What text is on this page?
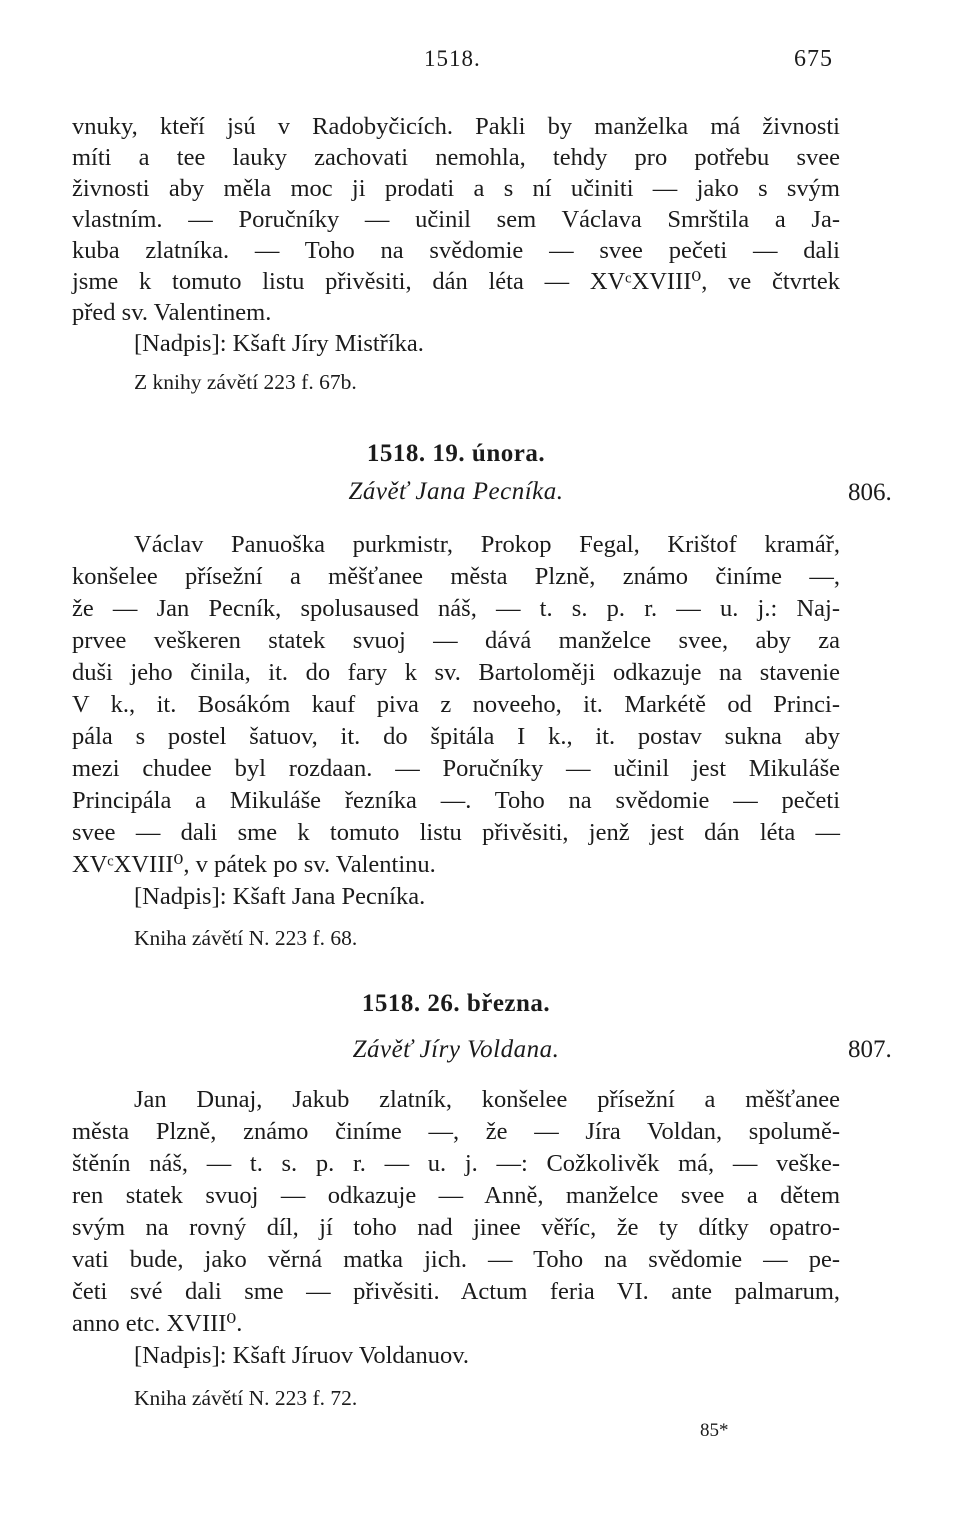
1518.	675

vnuky, kteří jsú v Radobyčicích. Pakli by manželka má živnosti

míti a tee lauky zachovati nemohla, tehdy pro potřebu svee

živnosti aby měla moc ji prodati a s ní učiniti — jako s svým

vlastním. — Poručníky — učinil sem Václava Smrštila a Ja-

kuba zlatníka. — Toho na svědomie — svee pečeti — dali

jsme k tomuto listu přivěsiti, dán léta — XVᶜXVIII⁰, ve čtvrtek

před sv. Valentinem.

[Nadpis]: Kšaft Jíry Mistříka.

Z knihy závětí 223 f. 67b.
1518. 19. února.
Závěť Jana Pecníka.	806.

Václav Panuoška purkmistr, Prokop Fegal, Krištof kramář,

konšelee přísežní a měšťanee města Plzně, známo činíme —,

že — Jan Pecník, spolusaused náš, — t. s. p. r. — u. j.: Naj-

prvee veškeren statek svuoj — dává manželce svee, aby za

duši jeho činila, it. do fary k sv. Bartoloměji odkazuje na stavenie

V k., it. Bosákóm kauf piva z noveeho, it. Markétě od Princi-

pála s postel šatuov, it. do špitála I k., it. postav sukna aby

mezi chudee byl rozdaan. — Poručníky — učinil jest Mikuláše

Principála a Mikuláše řezníka —. Toho na svědomie — pečeti

svee — dali sme k tomuto listu přivěsiti, jenž jest dán léta —

XVᶜXVIII⁰, v pátek po sv. Valentinu.

[Nadpis]: Kšaft Jana Pecníka.

Kniha závětí N. 223 f. 68.
1518. 26. března.
Závěť Jíry Voldana.	807.

Jan Dunaj, Jakub zlatník, konšelee přísežní a měšťanee

města Plzně, známo činíme —, že — Jíra Voldan, spolumě-

štěnín náš, — t. s. p. r. — u. j. —: Cožkolivěk má, — veške-

ren statek svuoj — odkazuje — Anně, manželce svee a dětem

svým na rovný díl, jí toho nad jinee věříc, že ty dítky opatro-

vati bude, jako věrná matka jich. — Toho na svědomie — pe-

četi své dali sme — přivěsiti. Actum feria VI. ante palmarum,

anno etc. XVIII⁰.

[Nadpis]: Kšaft Jíruov Voldanuov.

Kniha závětí N. 223 f. 72.
85*
